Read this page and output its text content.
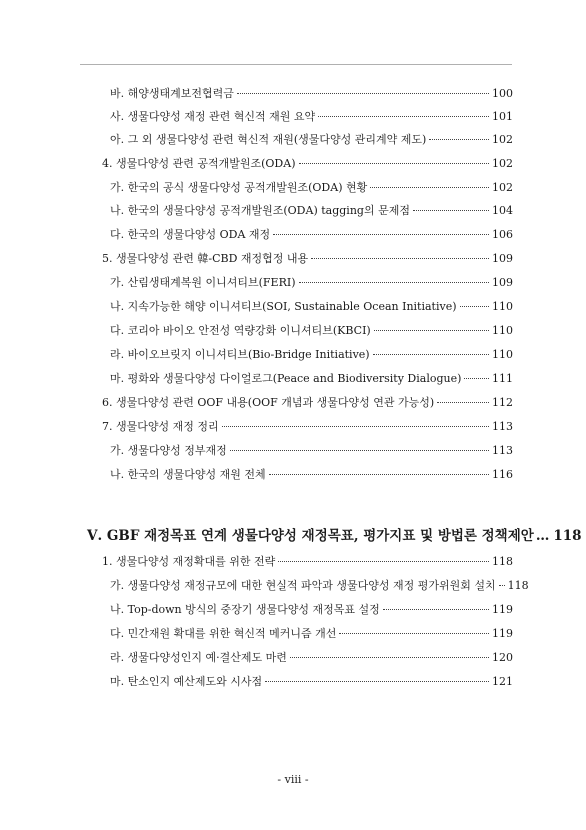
바. 해양생태계보전협력금	100
사. 생물다양성 재정 관련 혁신적 재원 요약	101
아. 그 외 생물다양성 관련 혁신적 재원(생물다양성 관리계약 제도)	102
4. 생물다양성 관련 공적개발원조(ODA)	102
가. 한국의 공식 생물다양성 공적개발원조(ODA) 현황	102
나. 한국의 생물다양성 공적개발원조(ODA) tagging의 문제점	104
다. 한국의 생물다양성 ODA 재정	106
5. 생물다양성 관련 韓-CBD 재정협정 내용	109
가. 산림생태계복원 이니셔티브(FERI)	109
나. 지속가능한 해양 이니셔티브(SOI, Sustainable Ocean Initiative)	110
다. 코리아 바이오 안전성 역량강화 이니셔티브(KBCI)	110
라. 바이오브릿지 이니셔티브(Bio-Bridge Initiative)	110
마. 평화와 생물다양성 다이얼로그(Peace and Biodiversity Dialogue)	111
6. 생물다양성 관련 OOF 내용(OOF 개념과 생물다양성 연관 가능성)	112
7. 생물다양성 재정 정리	113
가. 생물다양성 정부재정	113
나. 한국의 생물다양성 재원 전체	116
Ⅴ. GBF 재정목표 연계 생물다양성 재정목표, 평가지표 및 방법론 정책제안 … 118
1. 생물다양성 재정확대를 위한 전략	118
가. 생물다양성 재정규모에 대한 현실적 파악과 생물다양성 재정 평가위원회 설치 118
나. Top-down 방식의 중장기 생물다양성 재정목표 설정	119
다. 민간재원 확대를 위한 혁신적 메커니즘 개선	119
라. 생물다양성인지 예·결산제도 마련	120
마. 탄소인지 예산제도와 시사점	121
- viii -
